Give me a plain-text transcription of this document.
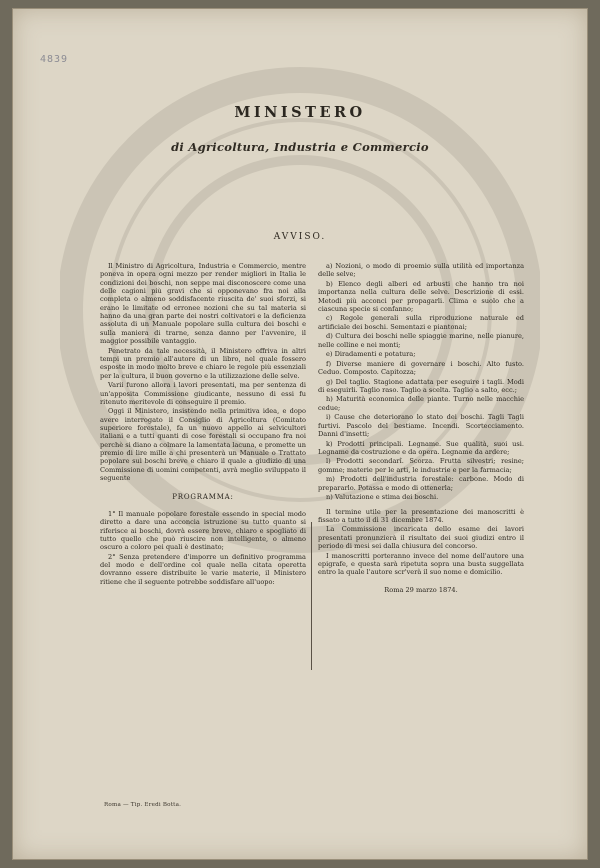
4839
MINISTERO
di Agricoltura, Industria e Commercio
AVVISO.

Il Ministro di Agricoltura, Industria e Commercio, mentre poneva in opera ogni mezzo per render migliori in Italia le condizioni dei boschi, non seppe mai disconoscere come una delle cagioni più gravi che si opponevano fra noi alla completa o almeno soddisfacente riuscita de' suoi sforzi, si erano le limitate od erronee nozioni che su tal materia si hanno da una gran parte dei nostri coltivatori e la deficienza assoluta di un Manuale popolare sulla cultura dei boschi e sulla maniera di trarne, senza danno per l'avvenire, il maggior possibile vantaggio.

Penetrato da tale necessità, il Ministero offriva in altri tempi un premio all'autore di un libro, nel quale fossero esposte in modo molto breve e chiaro le regole più essenziali per la cultura, il buon governo e la utilizzazione delle selve.

Varii furono allora i lavori presentati, ma per sentenza di un'apposita Commissione giudicante, nessuno di essi fu ritenuto meritevole di conseguire il premio.

Oggi il Ministero, insistendo nella primitiva idea, e dopo avere interrogato il Consiglio di Agricoltura (Comitato superiore forestale), fa un nuovo appello ai selvicultori italiani e a tutti quanti di cose forestali si occupano fra noi perchè si diano a colmare la lamentata lacuna, e promette un premio di lire mille a chi presenterà un Manuale o Trattato popolare sui boschi breve e chiaro il quale a giudizio di una Commissione di uomini competenti, avrà meglio sviluppato il seguente

PROGRAMMA:

1° Il manuale popolare forestale essendo in special modo diretto a dare una acconcia istruzione su tutto quanto si riferisce ai boschi, dovrà essere breve, chiaro e spogliato di tutto quello che può riuscire non intelligente, o almeno oscuro a coloro pei quali è destinato;

2° Senza pretendere d'imporre un definitivo programma del modo e dell'ordine col quale nella citata operetta dovranno essere distribuite le varie materie, il Ministero ritiene che il seguente potrebbe soddisfare all'uopo:

a) Nozioni, o modo di proemio sulla utilità ed importanza delle selve;

b) Elenco degli alberi ed arbusti che hanno tra noi importanza nella cultura delle selve. Descrizione di essi. Metodi più acconci per propagarli. Clima e suolo che a ciascuna specie si confanno;

c) Regole generali sulla riproduzione naturale ed artificiale dei boschi. Sementazi e piantonai;

d) Cultura dei boschi nelle spiaggie marine, nelle pianure, nelle colline e nei monti;

e) Diradamenti e potatura;

f) Diverse maniere di governare i boschi. Alto fusto. Ceduo. Composto. Capitozza;

g) Del taglio. Stagione adattata per eseguire i tagli. Modi di eseguirli. Taglio raso. Taglio a scelta. Taglio a salto, ecc.;

h) Maturità economica delle piante. Turno nelle macchie cedue;

i) Cause che deteriorano lo stato dei boschi. Tagli Tagli furtivi. Pascolo del bestiame. Incendi. Scortecciamento. Danni d'insetti;

k) Prodotti principali. Legname. Sue qualità, suoi usi. Legname da costruzione e da opera. Legname da ardere;

l) Prodotti secondarî. Scorza. Frutta silvestri; resine; gomme; materie per le arti, le industrie e per la farmacia;

m) Prodotti dell'industria forestale: carbone. Modo di prepararlo. Potassa e modo di ottenerla;

n) Valutazione e stima dei boschi.

Il termine utile per la presentazione dei manoscritti è fissato a tutto il dì 31 dicembre 1874.

La Commissione incaricata dello esame dei lavori presentati pronunzierà il risultato dei suoi giudizi entro il periodo di mesi sei dalla chiusura del concorso.

I manoscritti porteranno invece del nome dell'autore una epigrafe, e questa sarà ripetuta sopra una busta suggellata entro la quale l'autore scr'verà il suo nome e domicilio.

Roma 29 marzo 1874.

Roma — Tip. Eredi Botta.
